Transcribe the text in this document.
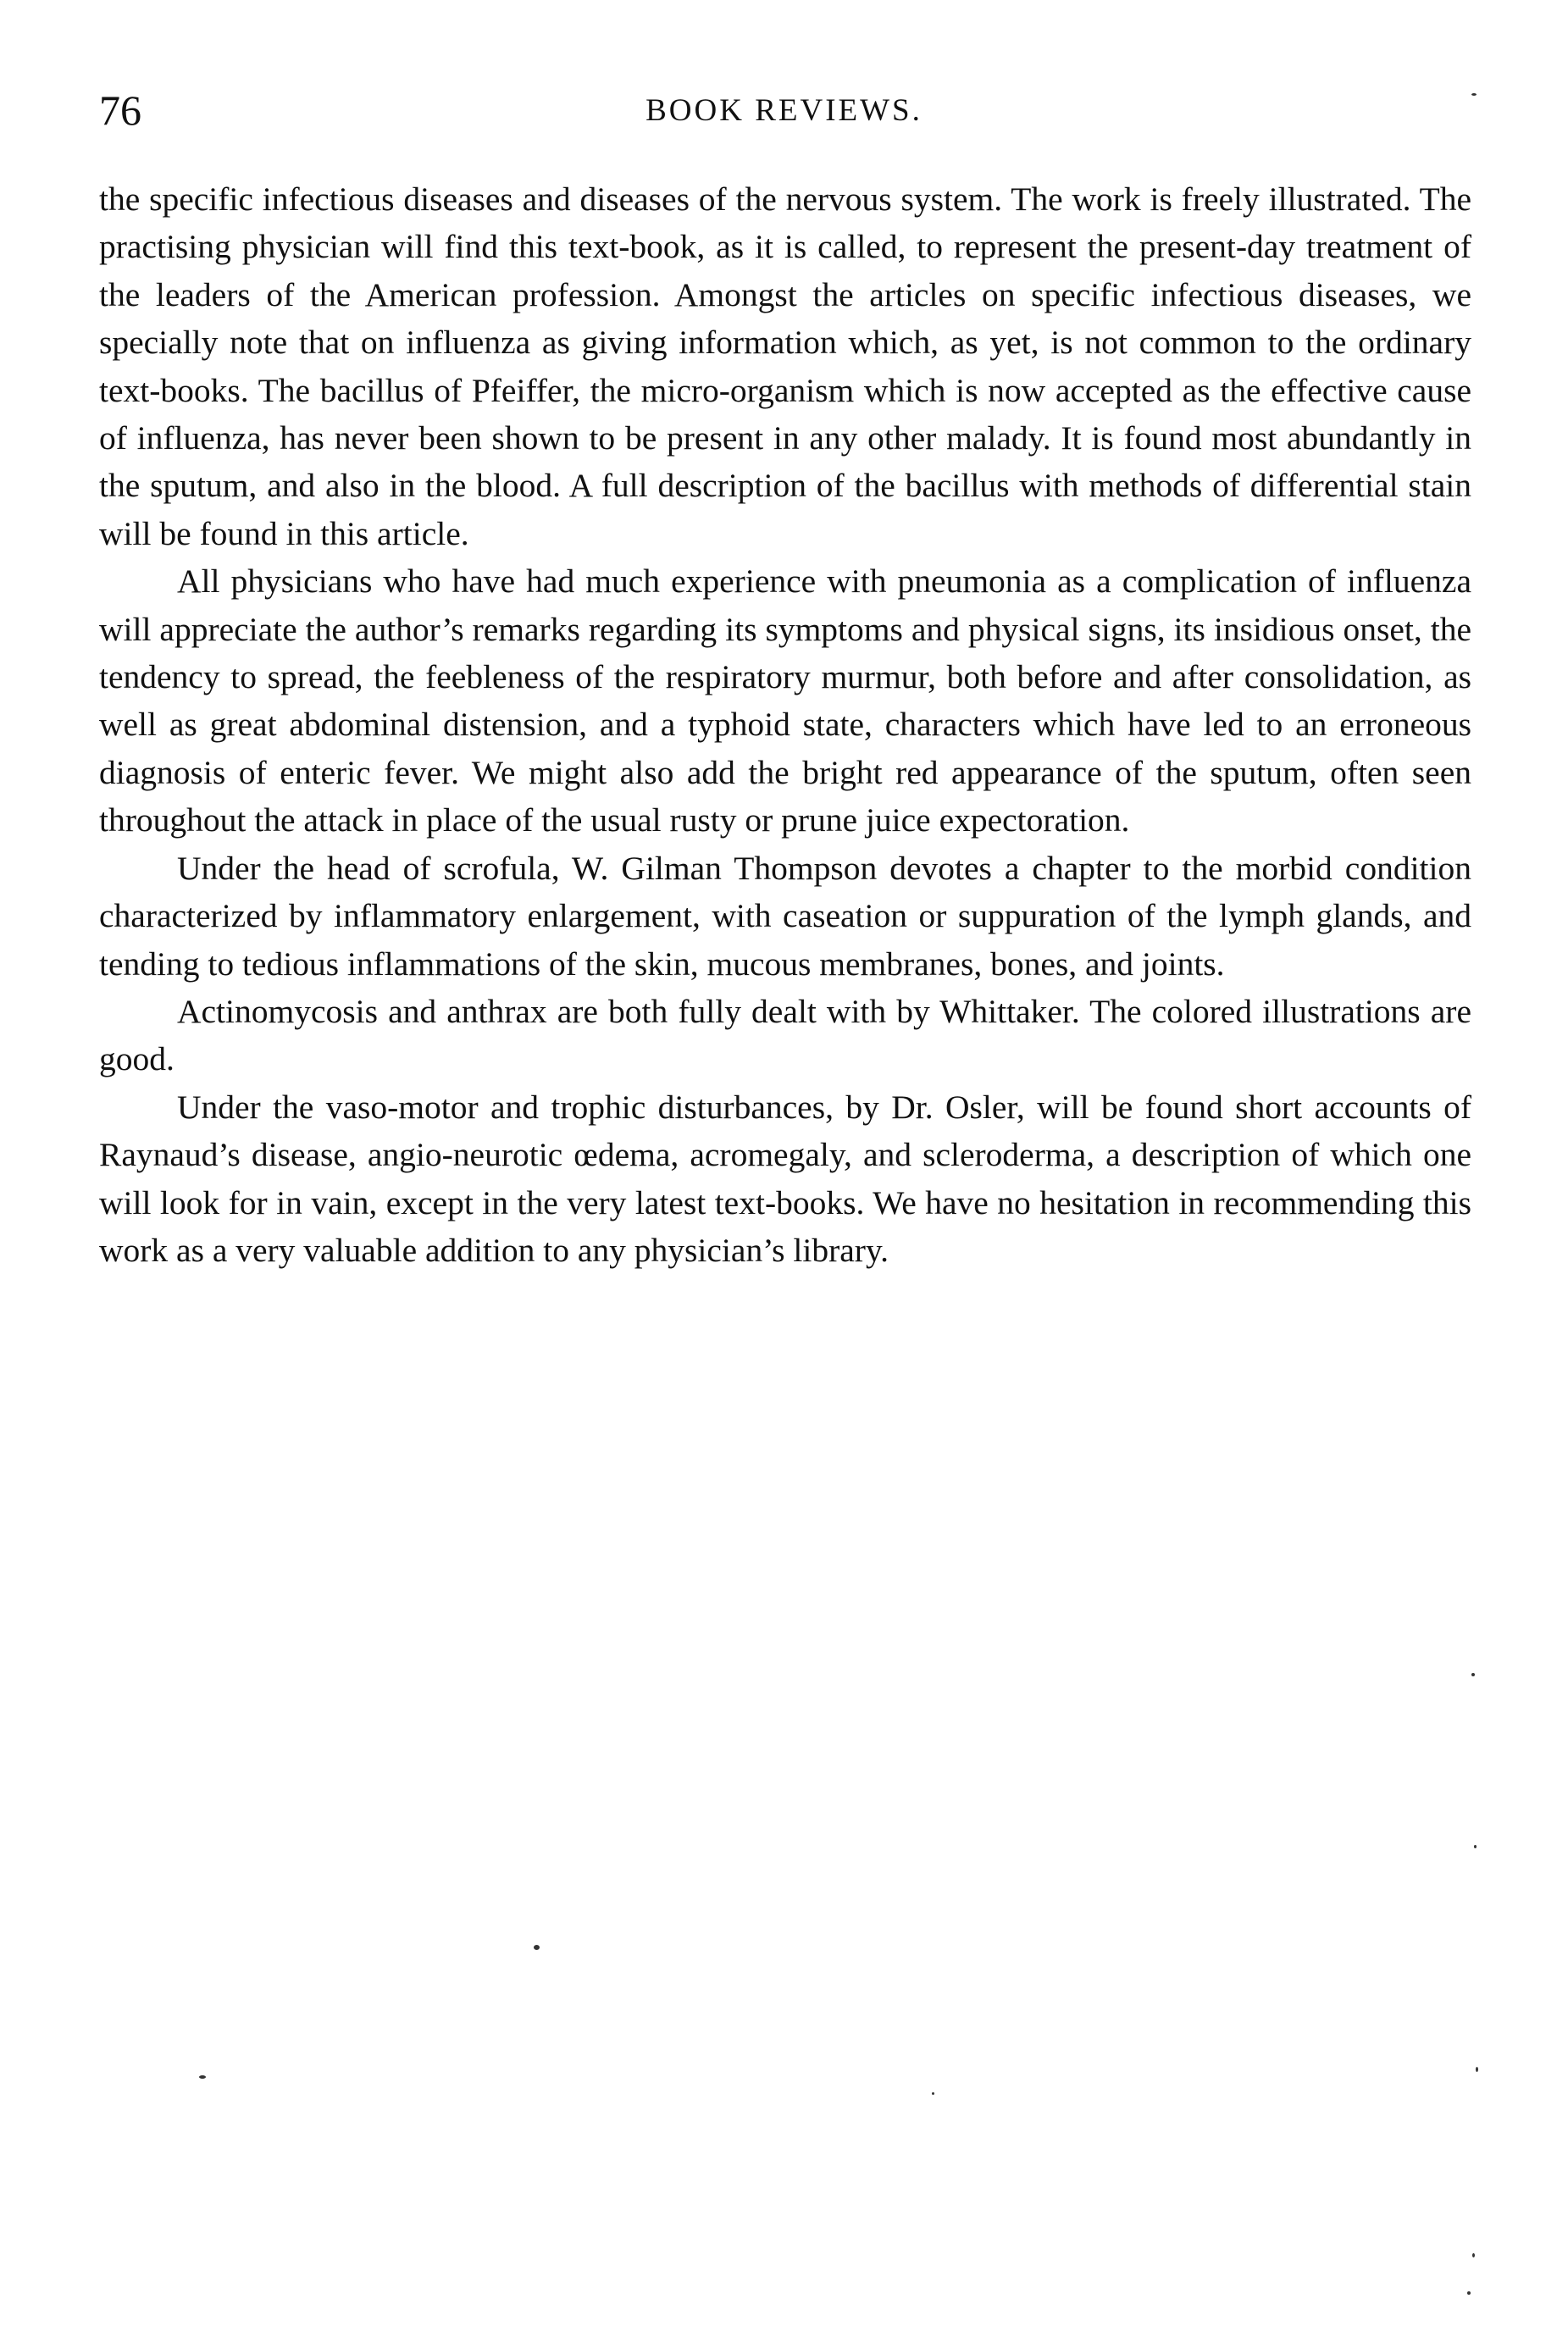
76	BOOK REVIEWS.

the specific infectious diseases and diseases of the nervous system. The work is freely illustrated. The practising physician will find this text-book, as it is called, to represent the present-day treatment of the leaders of the American profession. Amongst the articles on specific infectious diseases, we specially note that on influenza as giving information which, as yet, is not common to the ordinary text-books. The bacillus of Pfeiffer, the micro-organism which is now accepted as the effective cause of influenza, has never been shown to be present in any other malady. It is found most abundantly in the sputum, and also in the blood. A full description of the bacillus with methods of differential stain will be found in this article.

All physicians who have had much experience with pneumonia as a complication of influenza will appreciate the author’s remarks regarding its symptoms and physical signs, its insidious onset, the tendency to spread, the feebleness of the respiratory murmur, both before and after consolidation, as well as great abdominal distension, and a typhoid state, characters which have led to an erroneous diagnosis of enteric fever. We might also add the bright red appearance of the sputum, often seen throughout the attack in place of the usual rusty or prune juice expectoration.

Under the head of scrofula, W. Gilman Thompson devotes a chapter to the morbid condition characterized by inflammatory enlargement, with caseation or suppuration of the lymph glands, and tending to tedious inflammations of the skin, mucous membranes, bones, and joints.

Actinomycosis and anthrax are both fully dealt with by Whittaker. The colored illustrations are good.

Under the vaso-motor and trophic disturbances, by Dr. Osler, will be found short accounts of Raynaud’s disease, angio-neurotic œdema, acromegaly, and scleroderma, a description of which one will look for in vain, except in the very latest text-books. We have no hesitation in recommending this work as a very valuable addition to any physician’s library.
